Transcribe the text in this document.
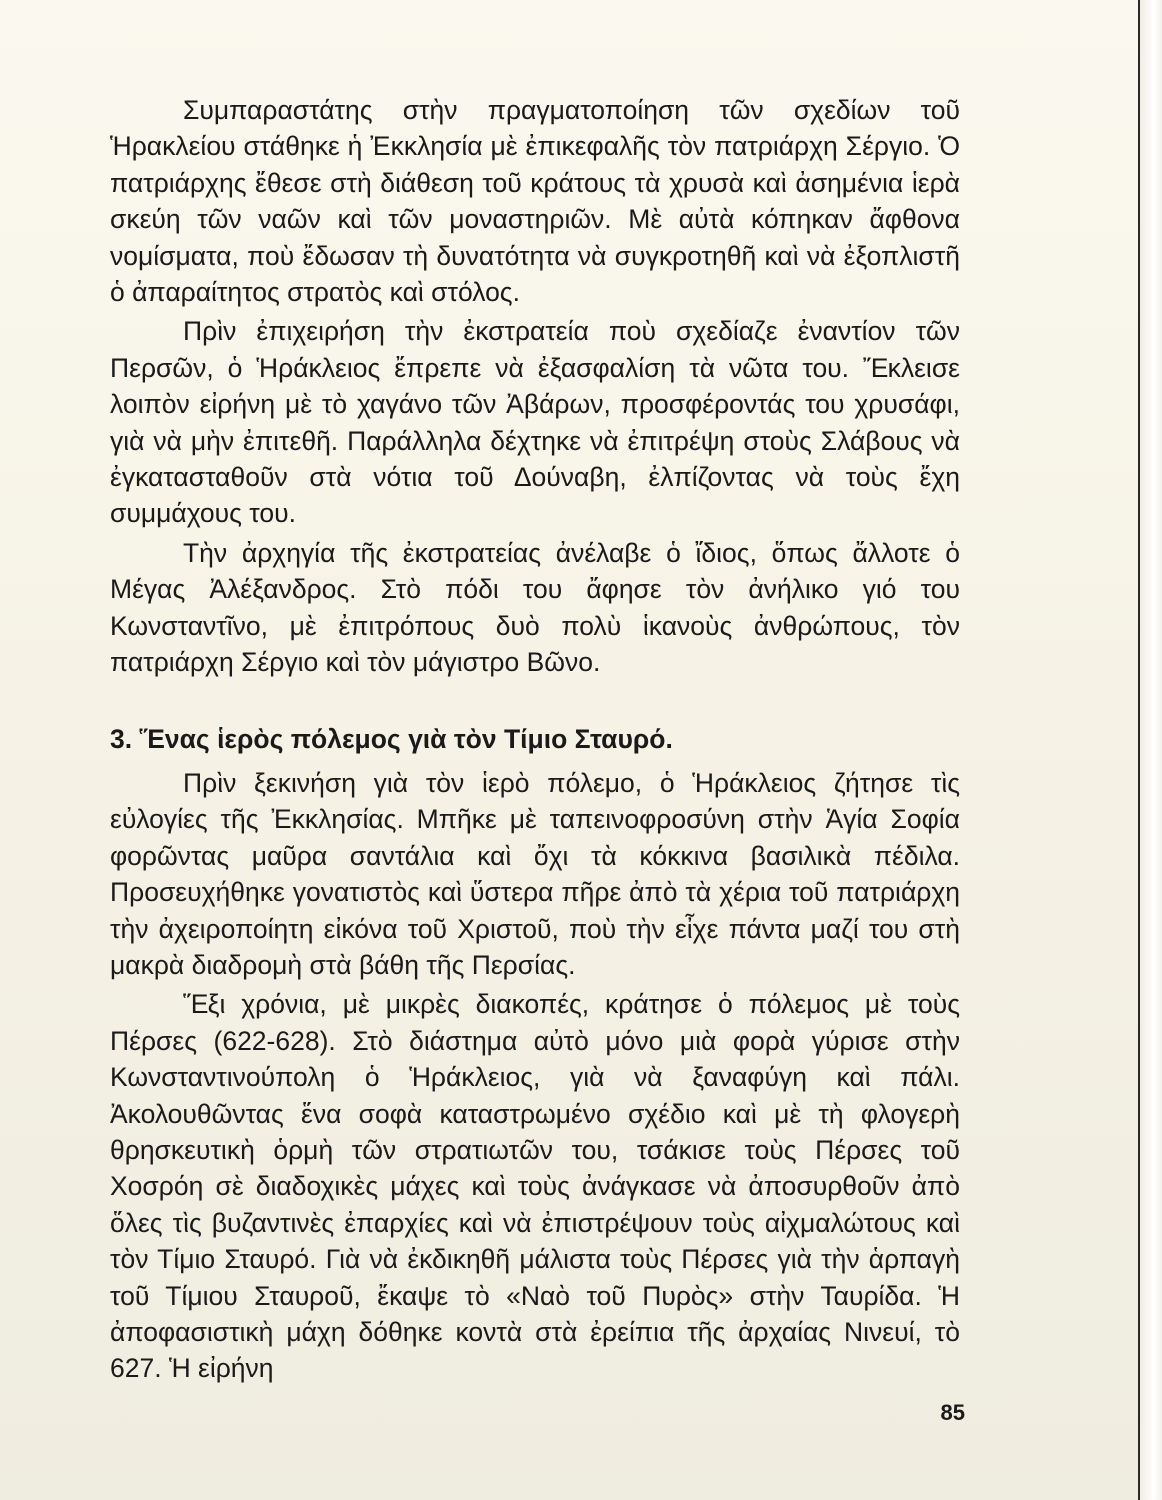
Συμπαραστάτης στὴν πραγματοποίηση τῶν σχεδίων τοῦ Ἡρακλείου στάθηκε ἡ Ἐκκλησία μὲ ἐπικεφαλῆς τὸν πατριάρχη Σέργιο. Ὁ πατριάρχης ἔθεσε στὴ διάθεση τοῦ κράτους τὰ χρυσὰ καὶ ἀσημένια ἱερὰ σκεύη τῶν ναῶν καὶ τῶν μοναστηριῶν. Μὲ αὐτὰ κόπηκαν ἄφθονα νομίσματα, ποὺ ἔδωσαν τὴ δυνατότητα νὰ συγκροτηθῆ καὶ νὰ ἐξοπλιστῆ ὁ ἀπαραίτητος στρατὸς καὶ στόλος.

Πρὶν ἐπιχειρήση τὴν ἐκστρατεία ποὺ σχεδίαζε ἐναντίον τῶν Περσῶν, ὁ Ἡράκλειος ἔπρεπε νὰ ἐξασφαλίση τὰ νῶτα του. Ἔκλεισε λοιπὸν εἰρήνη μὲ τὸ χαγάνο τῶν Ἀβάρων, προσφέροντάς του χρυσάφι, γιὰ νὰ μὴν ἐπιτεθῆ. Παράλληλα δέχτηκε νὰ ἐπιτρέψη στοὺς Σλάβους νὰ ἐγκατασταθοῦν στὰ νότια τοῦ Δούναβη, ἐλπίζοντας νὰ τοὺς ἔχη συμμάχους του.

Τὴν ἀρχηγία τῆς ἐκστρατείας ἀνέλαβε ὁ ἴδιος, ὅπως ἄλλοτε ὁ Μέγας Ἀλέξανδρος. Στὸ πόδι του ἄφησε τὸν ἀνήλικο γιό του Κωνσταντῖνο, μὲ ἐπιτρόπους δυὸ πολὺ ἱκανοὺς ἀνθρώπους, τὸν πατριάρχη Σέργιο καὶ τὸν μάγιστρο Βῶνο.

3. Ἕνας ἱερὸς πόλεμος γιὰ τὸν Τίμιο Σταυρό.

Πρὶν ξεκινήση γιὰ τὸν ἱερὸ πόλεμο, ὁ Ἡράκλειος ζήτησε τὶς εὐλογίες τῆς Ἐκκλησίας. Μπῆκε μὲ ταπεινοφροσύνη στὴν Ἁγία Σοφία φορῶντας μαῦρα σαντάλια καὶ ὄχι τὰ κόκκινα βασιλικὰ πέδιλα. Προσευχήθηκε γονατιστὸς καὶ ὕστερα πῆρε ἀπὸ τὰ χέρια τοῦ πατριάρχη τὴν ἀχειροποίητη εἰκόνα τοῦ Χριστοῦ, ποὺ τὴν εἶχε πάντα μαζί του στὴ μακρὰ διαδρομὴ στὰ βάθη τῆς Περσίας.

Ἕξι χρόνια, μὲ μικρὲς διακοπές, κράτησε ὁ πόλεμος μὲ τοὺς Πέρσες (622-628). Στὸ διάστημα αὐτὸ μόνο μιὰ φορὰ γύρισε στὴν Κωνσταντινούπολη ὁ Ἡράκλειος, γιὰ νὰ ξαναφύγη καὶ πάλι. Ἀκολουθῶντας ἕνα σοφὰ καταστρωμένο σχέδιο καὶ μὲ τὴ φλογερὴ θρησκευτικὴ ὁρμὴ τῶν στρατιωτῶν του, τσάκισε τοὺς Πέρσες τοῦ Χοσρόη σὲ διαδοχικὲς μάχες καὶ τοὺς ἀνάγκασε νὰ ἀποσυρθοῦν ἀπὸ ὅλες τὶς βυζαντινὲς ἐπαρχίες καὶ νὰ ἐπιστρέψουν τοὺς αἰχμαλώτους καὶ τὸν Τίμιο Σταυρό. Γιὰ νὰ ἐκδικηθῆ μάλιστα τοὺς Πέρσες γιὰ τὴν ἁρπαγὴ τοῦ Τίμιου Σταυροῦ, ἔκαψε τὸ «Ναὸ τοῦ Πυρὸς» στὴν Ταυρίδα. Ἡ ἀποφασιστικὴ μάχη δόθηκε κοντὰ στὰ ἐρείπια τῆς ἀρχαίας Νινευί, τὸ 627. Ἡ εἰρήνη

85
